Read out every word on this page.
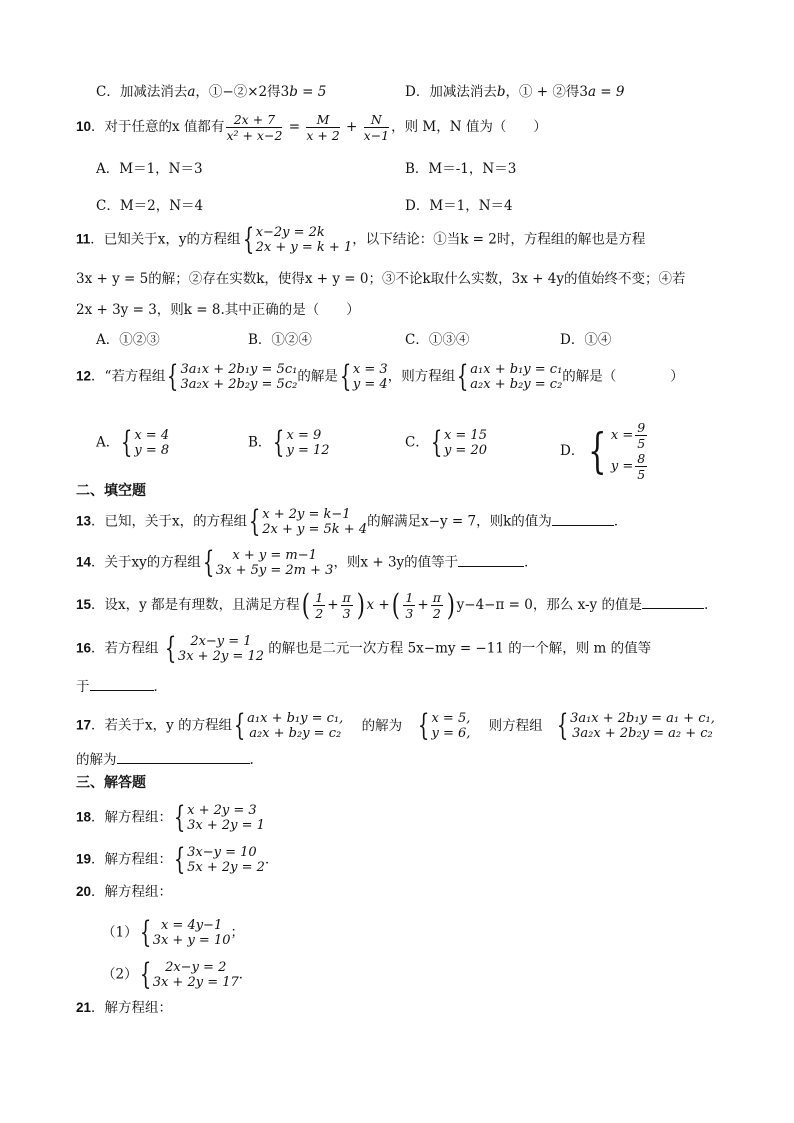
C．加减法消去a，①−②×2得3b = 5	D．加减法消去b，① + ②得3a = 9
10．对于任意的x 值都有 $\frac{2x + 7}{\text{x² + x−2}} = \frac{M}{x + 2} + \frac{N}{x-1}$ ，则 M，N 值为（　　）
A．M＝1，N＝3	B．M＝-1，N＝3
C．M＝2，N＝4	D．M＝1，N＝4
11．已知关于x，y的方程组 { x−2y = 2k
2x + y = k + 1 ，以下结论：①当k = 2时，方程组的解也是方程
3x + y = 5的解；②存在实数k，使得x + y = 0；③不论k取什么实数，3x + 4y的值始终不变；④若
2x + 3y = 3，则k = 8.其中正确的是（　　）
A．①②③	B．①②④	C．①③④	D．①④
12．“若方程组 { 3a₁x + 2b₁y = 5c₁
3a₂x + 2b₂y = 5c₂ 的解是 { x = 3
y = 4 ，则方程组 { a₁x + b₁y = c₁
a₂x + b₂y = c₂ 的解是（　　　　）
A． { x = 4
y = 8	B． { x = 9
y = 12	C． { x = 15
y = 20	D． { $x = \frac{9}{5}$
$y = \frac{8}{5}$
二、填空题
13．已知，关于x，的方程组 { x + 2y = k−1
2x + y = 5k + 4 的解满足x−y = 7，则k的值为	．
14．关于xy的方程组 {	x + y = m−1
3x + 5y = 2m + 3 ，则x + 3y的值等于	．
15．设x，y 都是有理数，且满足方程( $\frac{1}{2} + \frac{\pi}{3}$ ) x +( $\frac{1}{3} + \frac{\pi}{2}$ ) y−4−π = 0，那么 x-y 的值是	.
16．若方程组 {	2x−y = 1
3x + 2y = 12 的解也是二元一次方程 5x−my = −11 的一个解，则 m 的值等
于	．
17．若关于x，y 的方程组 { a₁x + b₁y = c₁,
a₂x + b₂y = c₂ 的解为 { x = 5,
y = 6, 则方程组 { 3a₁x + 2b₁y = a₁ + c₁,
3a₂x + 2b₂y = a₂ + c₂
的解为	.
三、解答题
18．解方程组： { x + 2y = 3
3x + 2y = 1
19．解方程组： { 3x−y = 10
5x + 2y = 2 ．
20．解方程组：
（1） { x = 4y−1
3x + y = 10 ；
（2） {	2x−y = 2
3x + 2y = 17 ．
21．解方程组：
